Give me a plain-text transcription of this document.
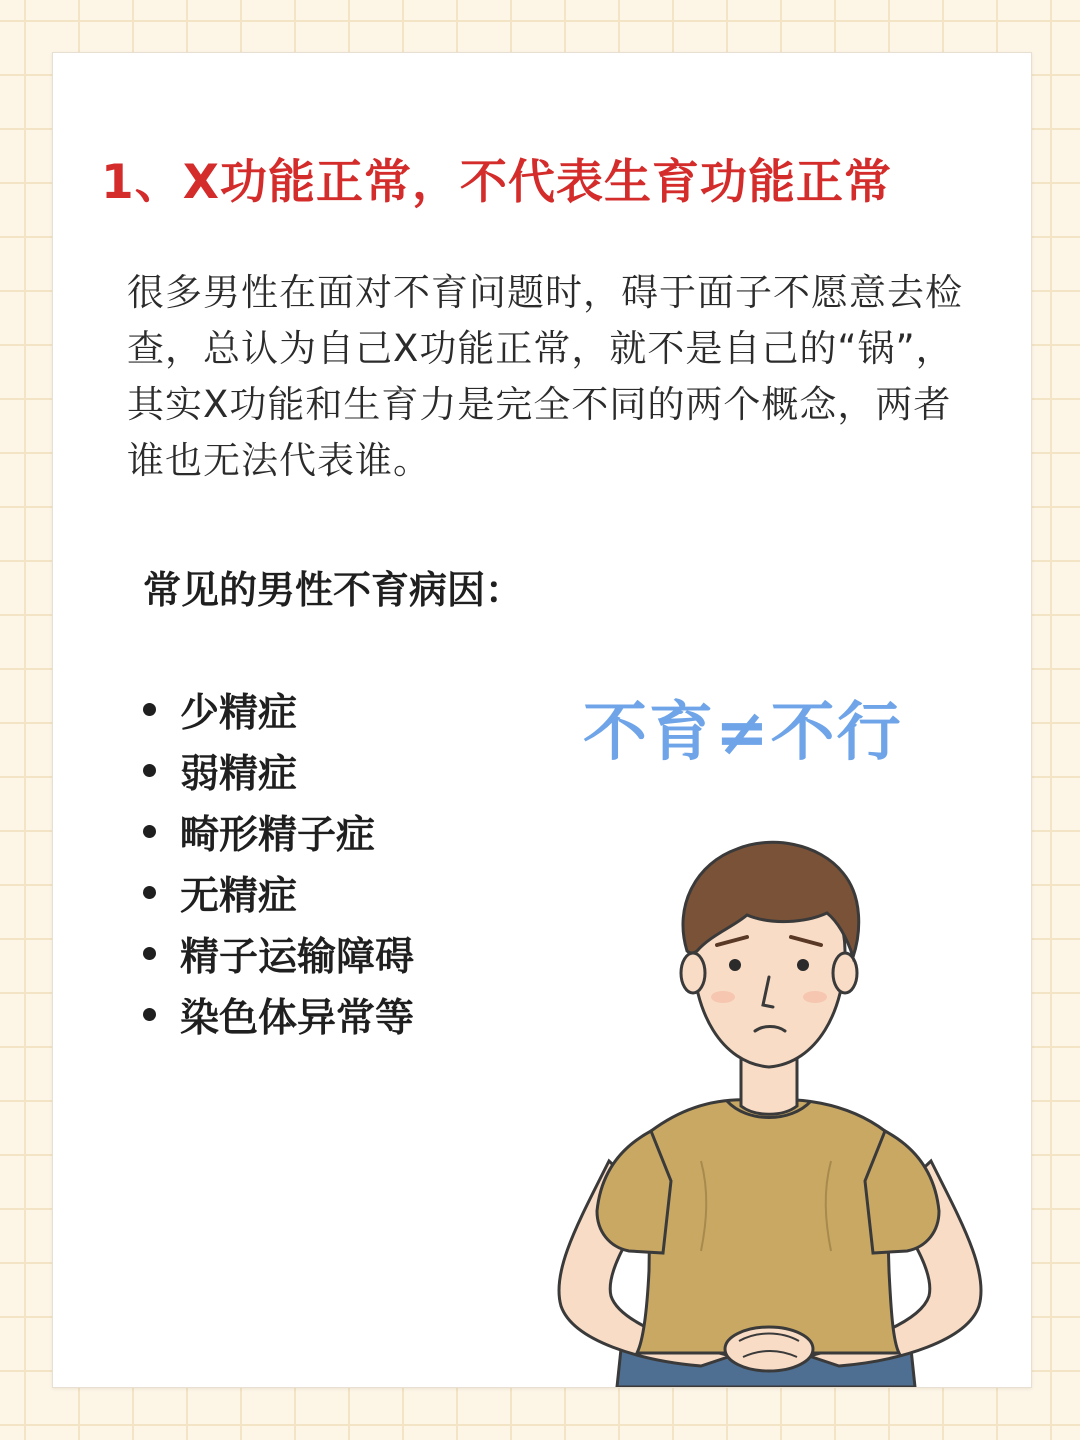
1、X功能正常，不代表生育功能正常

很多男性在面对不育问题时，碍于面子不愿意去检查，总认为自己X功能正常，就不是自己的“锅”，其实X功能和生育力是完全不同的两个概念，两者谁也无法代表谁。

常见的男性不育病因：
少精症
弱精症
畸形精子症
无精症
精子运输障碍
染色体异常等
不育≠不行
